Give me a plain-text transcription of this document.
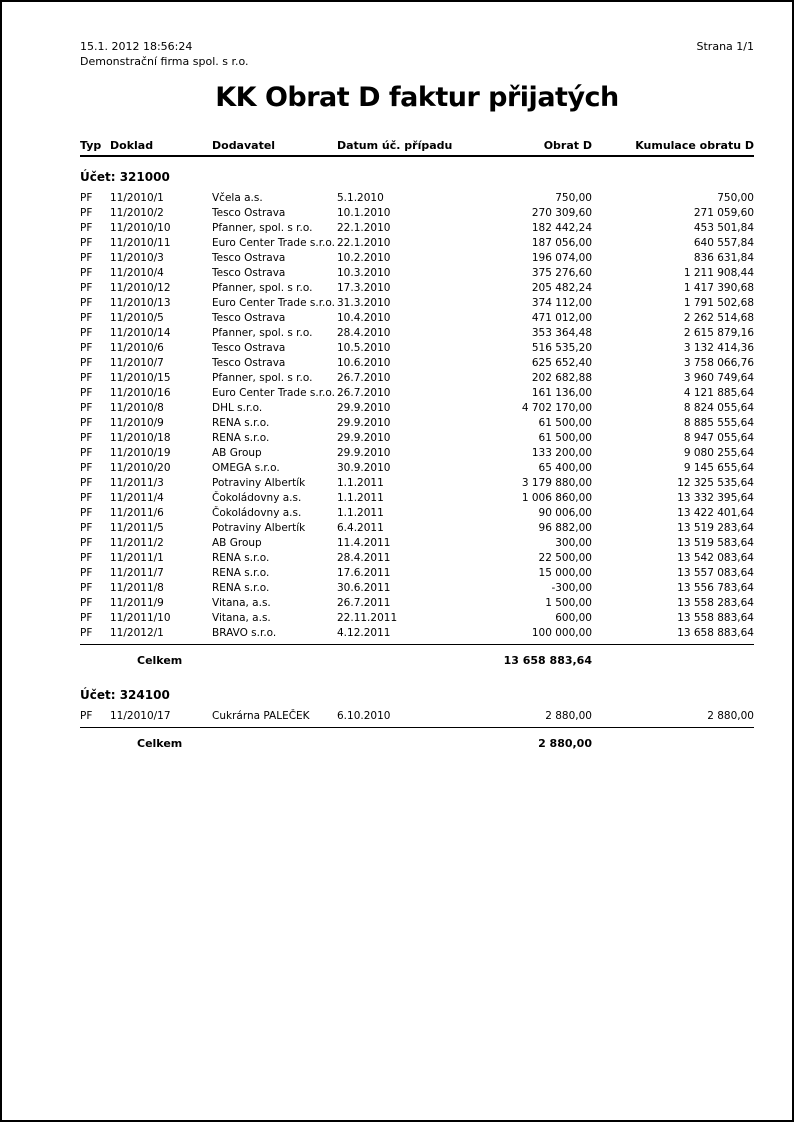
15.1. 2012 18:56:24
Demonstrační firma spol. s r.o.
Strana 1/1
KK Obrat D faktur přijatých
Typ Doklad	Dodavatel	Datum úč. případu	Obrat D	Kumulace obratu D
Účet: 321000
PF	11/2010/1	Včela a.s.	5.1.2010	750,00	750,00
PF	11/2010/2	Tesco Ostrava	10.1.2010	270 309,60	271 059,60
PF	11/2010/10	Pfanner, spol. s r.o.	22.1.2010	182 442,24	453 501,84
PF	11/2010/11	Euro Center Trade s.r.o. 22.1.2010	187 056,00	640 557,84
PF	11/2010/3	Tesco Ostrava	10.2.2010	196 074,00	836 631,84
PF	11/2010/4	Tesco Ostrava	10.3.2010	375 276,60	1 211 908,44
PF	11/2010/12	Pfanner, spol. s r.o.	17.3.2010	205 482,24	1 417 390,68
PF	11/2010/13	Euro Center Trade s.r.o. 31.3.2010	374 112,00	1 791 502,68
PF	11/2010/5	Tesco Ostrava	10.4.2010	471 012,00	2 262 514,68
PF	11/2010/14	Pfanner, spol. s r.o.	28.4.2010	353 364,48	2 615 879,16
PF	11/2010/6	Tesco Ostrava	10.5.2010	516 535,20	3 132 414,36
PF	11/2010/7	Tesco Ostrava	10.6.2010	625 652,40	3 758 066,76
PF	11/2010/15	Pfanner, spol. s r.o.	26.7.2010	202 682,88	3 960 749,64
PF	11/2010/16	Euro Center Trade s.r.o. 26.7.2010	161 136,00	4 121 885,64
PF	11/2010/8	DHL s.r.o.	29.9.2010	4 702 170,00	8 824 055,64
PF	11/2010/9	RENA s.r.o.	29.9.2010	61 500,00	8 885 555,64
PF	11/2010/18	RENA s.r.o.	29.9.2010	61 500,00	8 947 055,64
PF	11/2010/19	AB Group	29.9.2010	133 200,00	9 080 255,64
PF	11/2010/20	OMEGA s.r.o.	30.9.2010	65 400,00	9 145 655,64
PF	11/2011/3	Potraviny Albertík	1.1.2011	3 179 880,00	12 325 535,64
PF	11/2011/4	Čokoládovny a.s.	1.1.2011	1 006 860,00	13 332 395,64
PF	11/2011/6	Čokoládovny a.s.	1.1.2011	90 006,00	13 422 401,64
PF	11/2011/5	Potraviny Albertík	6.4.2011	96 882,00	13 519 283,64
PF	11/2011/2	AB Group	11.4.2011	300,00	13 519 583,64
PF	11/2011/1	RENA s.r.o.	28.4.2011	22 500,00	13 542 083,64
PF	11/2011/7	RENA s.r.o.	17.6.2011	15 000,00	13 557 083,64
PF	11/2011/8	RENA s.r.o.	30.6.2011	-300,00	13 556 783,64
PF	11/2011/9	Vitana, a.s.	26.7.2011	1 500,00	13 558 283,64
PF	11/2011/10	Vitana, a.s.	22.11.2011	600,00	13 558 883,64
PF	11/2012/1	BRAVO s.r.o.	4.12.2011	100 000,00	13 658 883,64
Celkem	13 658 883,64
Účet: 324100
PF	11/2010/17	Cukrárna PALEČEK	6.10.2010	2 880,00	2 880,00
Celkem	2 880,00
